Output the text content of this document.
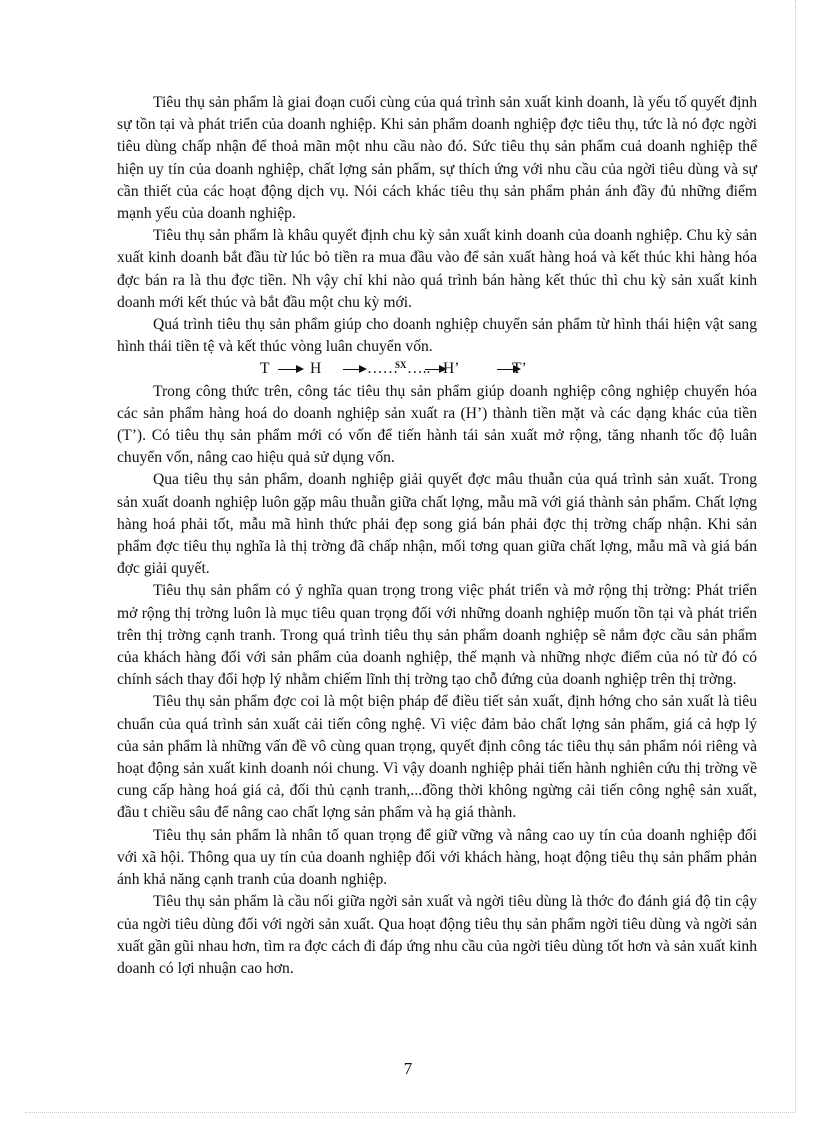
Tiêu thụ sản phẩm là giai đoạn cuối cùng của quá trình sản xuất kinh doanh, là yếu tố quyết định sự tồn tại và phát triển của doanh nghiệp. Khi sản phẩm doanh nghiệp đợc tiêu thụ, tức là nó đợc ngời tiêu dùng chấp nhận để thoả mãn một nhu cầu nào đó. Sức tiêu thụ sản phẩm cuả doanh nghiệp thể hiện uy tín của doanh nghiệp, chất lợng sản phẩm, sự thích ứng với nhu cầu của ngời tiêu dùng và sự cần thiết của các hoạt động dịch vụ. Nói cách khác tiêu thụ sản phẩm phản ánh đầy đủ những điểm mạnh yếu của doanh nghiệp.

Tiêu thụ sản phẩm là khâu quyết định chu kỳ sản xuất kinh doanh của doanh nghiệp. Chu kỳ sản xuất kinh doanh bắt đầu từ lúc bỏ tiền ra mua đầu vào để sản xuất hàng hoá và kết thúc khi hàng hóa đợc bán ra là thu đợc tiền. Nh vậy chỉ khi nào quá trình bán hàng kết thúc thì chu kỳ sản xuất kinh doanh mới kết thúc và bắt đầu một chu kỳ mới.

Quá trình tiêu thụ sản phẩm giúp cho doanh nghiệp chuyển sản phẩm từ hình thái hiện vật sang hình thái tiền tệ và kết thúc vòng luân chuyển vốn.

T	H	……
SX ….. H’	T’

Trong công thức trên, công tác tiêu thụ sản phẩm giúp doanh nghiệp công nghiệp chuyển hóa các sản phẩm hàng hoá do doanh nghiệp sản xuất ra (H’) thành tiền mặt và các dạng khác của tiền (T’). Có tiêu thụ sản phẩm mới có vốn để tiến hành tái sản xuất mở rộng, tăng nhanh tốc độ luân chuyển vốn, nâng cao hiệu quả sử dụng vốn.

Qua tiêu thụ sản phẩm, doanh nghiệp giải quyết đợc mâu thuẫn của quá trình sản xuất. Trong sản xuất doanh nghiệp luôn gặp mâu thuẫn giữa chất lợng, mẫu mã với giá thành sản phẩm. Chất lợng hàng hoá phải tốt, mẫu mã hình thức phải đẹp song giá bán phải đợc thị trờng chấp nhận. Khi sản phẩm đợc tiêu thụ nghĩa là thị trờng đã chấp nhận, mối tơng quan giữa chất lợng, mẫu mã và giá bán đợc giải quyết.

Tiêu thụ sản phẩm có ý nghĩa quan trọng trong việc phát triển và mở rộng thị trờng: Phát triển mở rộng thị trờng luôn là mục tiêu quan trọng đối với những doanh nghiệp muốn tồn tại và phát triển trên thị trờng cạnh tranh. Trong quá trình tiêu thụ sản phẩm doanh nghiệp sẽ nắm đợc cầu sản phẩm của khách hàng đối với sản phẩm của doanh nghiệp, thế mạnh và những nhợc điểm của nó từ đó có chính sách thay đổi hợp lý nhằm chiếm lĩnh thị trờng tạo chỗ đứng của doanh nghiệp trên thị trờng.

Tiêu thụ sản phẩm đợc coi là một biện pháp để điều tiết sản xuất, định hớng cho sản xuất là tiêu chuẩn của quá trình sản xuất cải tiến công nghệ. Vì việc đảm bảo chất lợng sản phẩm, giá cả hợp lý của sản phẩm là những vấn đề vô cùng quan trọng, quyết định công tác tiêu thụ sản phẩm nói riêng và hoạt động sản xuất kinh doanh nói chung. Vì vậy doanh nghiệp phải tiến hành nghiên cứu thị trờng về cung cấp hàng hoá giá cả, đối thủ cạnh tranh,...đồng thời không ngừng cải tiến công nghệ sản xuất, đầu t chiều sâu để nâng cao chất lợng sản phẩm và hạ giá thành.

Tiêu thụ sản phẩm là nhân tố quan trọng để giữ vững và nâng cao uy tín của doanh nghiệp đối với xã hội. Thông qua uy tín của doanh nghiệp đối với khách hàng, hoạt động tiêu thụ sản phẩm phản ánh khả năng cạnh tranh của doanh nghiệp.

Tiêu thụ sản phẩm là cầu nối giữa ngời sản xuất và ngời tiêu dùng là thớc đo đánh giá độ tin cậy của ngời tiêu dùng đối với ngời sản xuất. Qua hoạt động tiêu thụ sản phẩm ngời tiêu dùng và ngời sản xuất gần gũi nhau hơn, tìm ra đợc cách đi đáp ứng nhu cầu của ngời tiêu dùng tốt hơn và sản xuất kinh doanh có lợi nhuận cao hơn.

7
